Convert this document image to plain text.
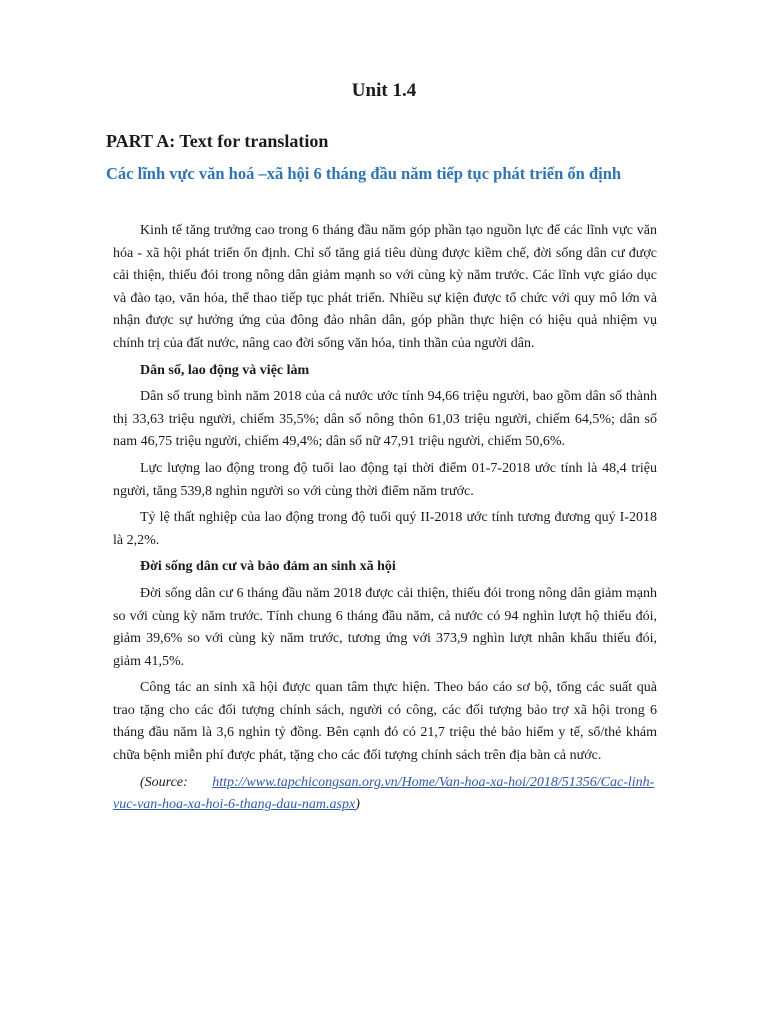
Unit 1.4
PART A: Text for translation
Các lĩnh vực văn hoá –xã hội 6 tháng đầu năm tiếp tục phát triển ổn định

Kinh tế tăng trưởng cao trong 6 tháng đầu năm góp phần tạo nguồn lực để các lĩnh vực văn hóa - xã hội phát triển ổn định. Chỉ số tăng giá tiêu dùng được kiềm chế, đời sống dân cư được cải thiện, thiếu đói trong nông dân giảm mạnh so với cùng kỳ năm trước. Các lĩnh vực giáo dục và đào tạo, văn hóa, thể thao tiếp tục phát triển. Nhiều sự kiện được tổ chức với quy mô lớn và nhận được sự hưởng ứng của đông đảo nhân dân, góp phần thực hiện có hiệu quả nhiệm vụ chính trị của đất nước, nâng cao đời sống văn hóa, tinh thần của người dân.

Dân số, lao động và việc làm

Dân số trung bình năm 2018 của cả nước ước tính 94,66 triệu người, bao gồm dân số thành thị 33,63 triệu người, chiếm 35,5%; dân số nông thôn 61,03 triệu người, chiếm 64,5%; dân số nam 46,75 triệu người, chiếm 49,4%; dân số nữ 47,91 triệu người, chiếm 50,6%.

Lực lượng lao động trong độ tuổi lao động tại thời điểm 01-7-2018 ước tính là 48,4 triệu người, tăng 539,8 nghìn người so với cùng thời điểm năm trước.

Tỷ lệ thất nghiệp của lao động trong độ tuổi quý II-2018 ước tính tương đương quý I-2018 là 2,2%.

Đời sống dân cư và bảo đảm an sinh xã hội

Đời sống dân cư 6 tháng đầu năm 2018 được cải thiện, thiếu đói trong nông dân giảm mạnh so với cùng kỳ năm trước. Tính chung 6 tháng đầu năm, cả nước có 94 nghìn lượt hộ thiếu đói, giảm 39,6% so với cùng kỳ năm trước, tương ứng với 373,9 nghìn lượt nhân khẩu thiếu đói, giảm 41,5%.

Công tác an sinh xã hội được quan tâm thực hiện. Theo báo cáo sơ bộ, tổng các suất quà trao tặng cho các đối tượng chính sách, người có công, các đối tượng bảo trợ xã hội trong 6 tháng đầu năm là 3,6 nghìn tỷ đồng. Bên cạnh đó có 21,7 triệu thẻ bảo hiểm y tế, sổ/thẻ khám chữa bệnh miễn phí được phát, tặng cho các đối tượng chính sách trên địa bàn cả nước.

(Source: http://www.tapchicongsan.org.vn/Home/Van-hoa-xa-hoi/2018/51356/Cac-linh-vuc-van-hoa-xa-hoi-6-thang-dau-nam.aspx)
